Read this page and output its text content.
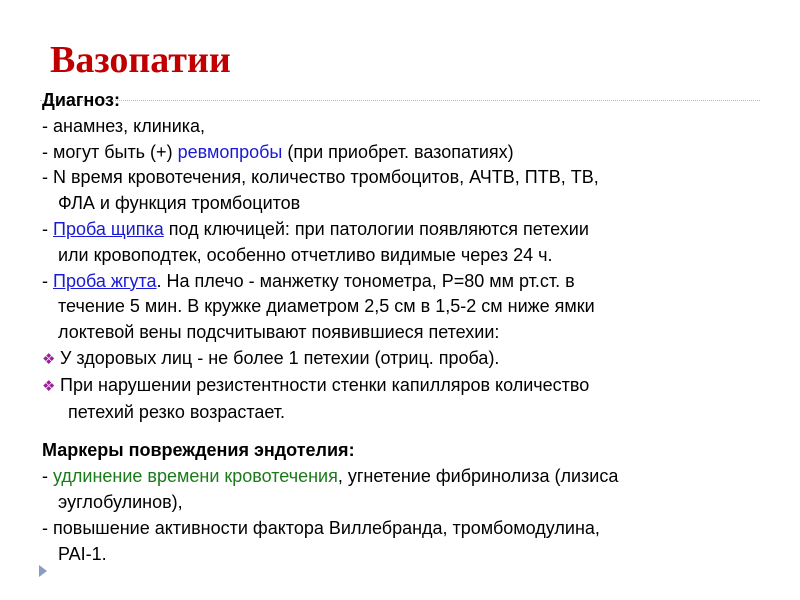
Вазопатии
Диагноз:
- анамнез, клиника,
- могут быть (+) ревмопробы (при приобрет. вазопатиях)
- N время кровотечения, количество тромбоцитов, АЧТВ, ПТВ, ТВ,
ФЛА и функция тромбоцитов
- Проба щипка под ключицей: при патологии появляются петехии
или кровоподтек, особенно отчетливо видимые через 24 ч.
- Проба жгута. На плечо - манжетку тонометра, Р=80 мм рт.ст. в
течение 5 мин. В кружке диаметром 2,5 см в 1,5-2 см ниже ямки
локтевой вены подсчитывают появившиеся петехии:
❖ У здоровых лиц - не более 1 петехии (отриц. проба).
❖ При нарушении резистентности стенки капилляров количество
петехий резко возрастает.
Маркеры повреждения эндотелия:
- удлинение времени кровотечения, угнетение фибринолиза (лизиса
эуглобулинов),
- повышение активности фактора Виллебранда, тромбомодулина,
PAI-1.
